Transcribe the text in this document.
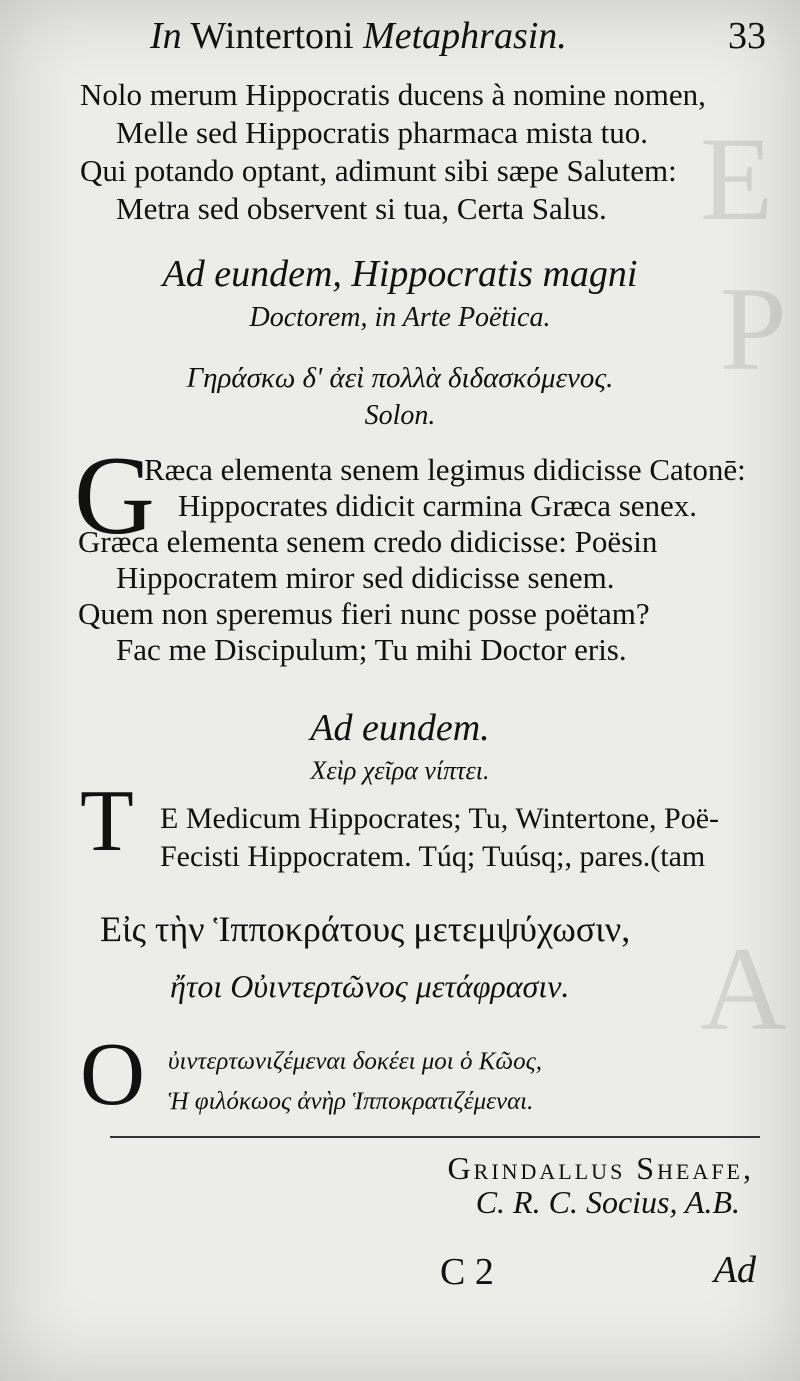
E
P
A
In Wintertoni Metaphrasin.	33
Nolo merum Hippocratis ducens à nomine nomen,
Melle sed Hippocratis pharmaca mista tuo.
Qui potando optant, adimunt sibi sæpe Salutem:
Metra sed observent si tua, Certa Salus.
Ad eundem, Hippocratis magni
Doctorem, in Arte Poëtica.
Γηράσκω δ' ἀεὶ πολλὰ διδασκόμενος.
Solon.
G
Ræca elementa senem legimus didicisse Catonē:
Hippocrates didicit carmina Græca senex.
Græca elementa senem credo didicisse: Poësin
Hippocratem miror sed didicisse senem.
Quem non speremus fieri nunc posse poëtam?
Fac me Discipulum; Tu mihi Doctor eris.
Ad eundem.
Χεὶρ χεῖρα νίπτει.
T E Medicum Hippocrates; Tu, Wintertone, Poë-
Fecisti Hippocratem. Túq; Tuúsq;, pares.(tam
Εἰς τὴν Ἱπποκράτους μετεμψύχωσιν,
ἤτοι Οὐιντερτῶνος μετάφρασιν.
O ὐιντερτωνιζέμεναι δοκέει μοι ὁ Κῶος,
Ἡ φιλόκωος ἀνὴρ Ἱπποκρατιζέμεναι.
Grindallus Sheafe,
C. R. C. Socius, A.B.
C 2	Ad
